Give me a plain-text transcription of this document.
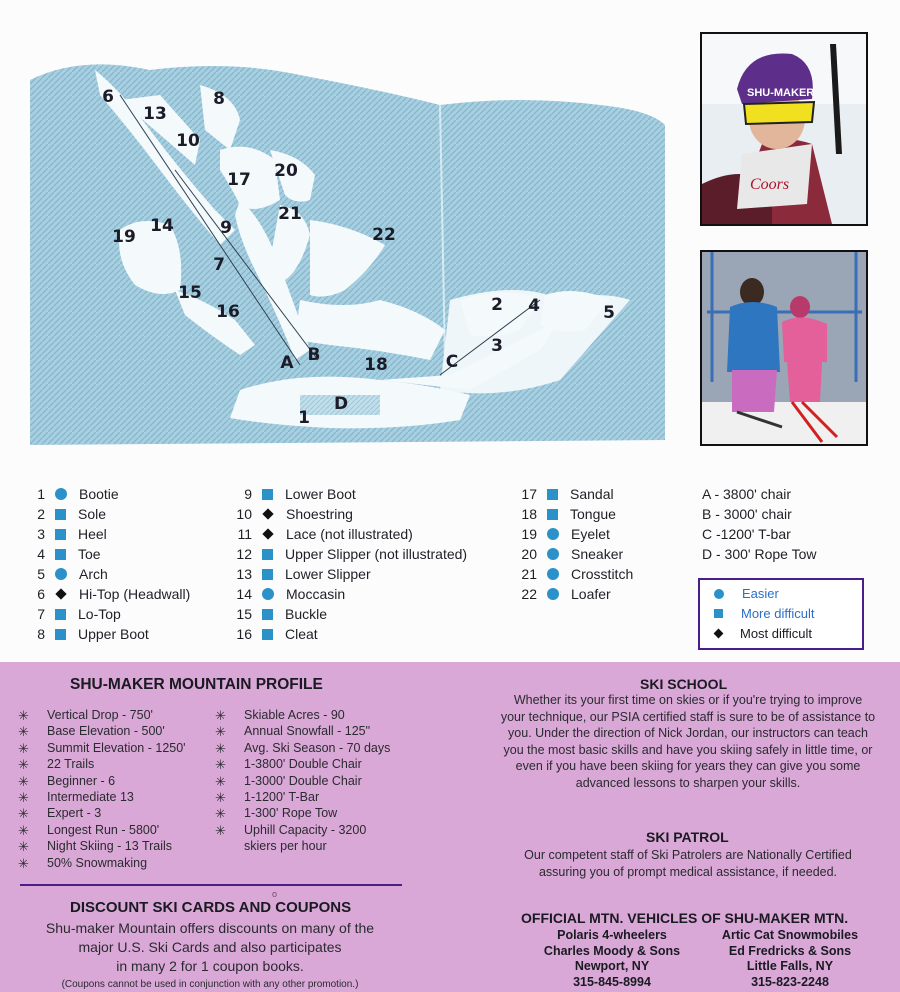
6
13
8
10
17 20
21
14	9
19	22
7
15
16	2 4	5
3
A B	18	C
D
1
Coors
SHU-MAKER
1 Bootie
2 Sole
3 Heel
4 Toe
5 Arch
6 Hi-Top (Headwall)
7 Lo-Top
8 Upper Boot
9 Lower Boot
10 Shoestring
11 Lace (not illustrated)
12 Upper Slipper (not illustrated)
13 Lower Slipper
14 Moccasin
15 Buckle
16 Cleat
17 Sandal
18 Tongue
19 Eyelet
20 Sneaker
21 Crosstitch
22 Loafer
A - 3800' chair
B - 3000' chair
C -1200' T-bar
D - 300' Rope Tow
Easier
More difficult
Most difficult
SHU-MAKER MOUNTAIN PROFILE
✳ Vertical Drop - 750'
✳ Base Elevation - 500'
✳ Summit Elevation - 1250'
✳ 22 Trails
✳ Beginner - 6
✳ Intermediate 13
✳ Expert - 3
✳ Longest Run - 5800'
✳ Night Skiing - 13 Trails
✳ 50% Snowmaking
✳ Skiable Acres - 90
✳ Annual Snowfall - 125"
✳ Avg. Ski Season - 70 days
✳ 1-3800' Double Chair
✳ 1-3000' Double Chair
✳ 1-1200' T-Bar
✳ 1-300' Rope Tow
✳ Uphill Capacity - 3200
skiers per hour
o
DISCOUNT SKI CARDS AND COUPONS
Shu-maker Mountain offers discounts on many of the
major U.S. Ski Cards and also participates
in many 2 for 1 coupon books.
(Coupons cannot be used in conjunction with any other promotion.)
SKI SCHOOL
Whether its your first time on skies or if you're trying to improve
your technique, our PSIA certified staff is sure to be of assistance to
you. Under the direction of Nick Jordan, our instructors can teach
you the most basic skills and have you skiing safely in little time, or
even if you have been skiing for years they can give you some
advanced lessons to sharpen your skills.
SKI PATROL
Our competent staff of Ski Patrolers are Nationally Certified
assuring you of prompt medical assistance, if needed.
OFFICIAL MTN. VEHICLES OF SHU-MAKER MTN.
Polaris 4-wheelers
Charles Moody & Sons
Newport, NY
315-845-8994
Artic Cat Snowmobiles
Ed Fredricks & Sons
Little Falls, NY
315-823-2248
